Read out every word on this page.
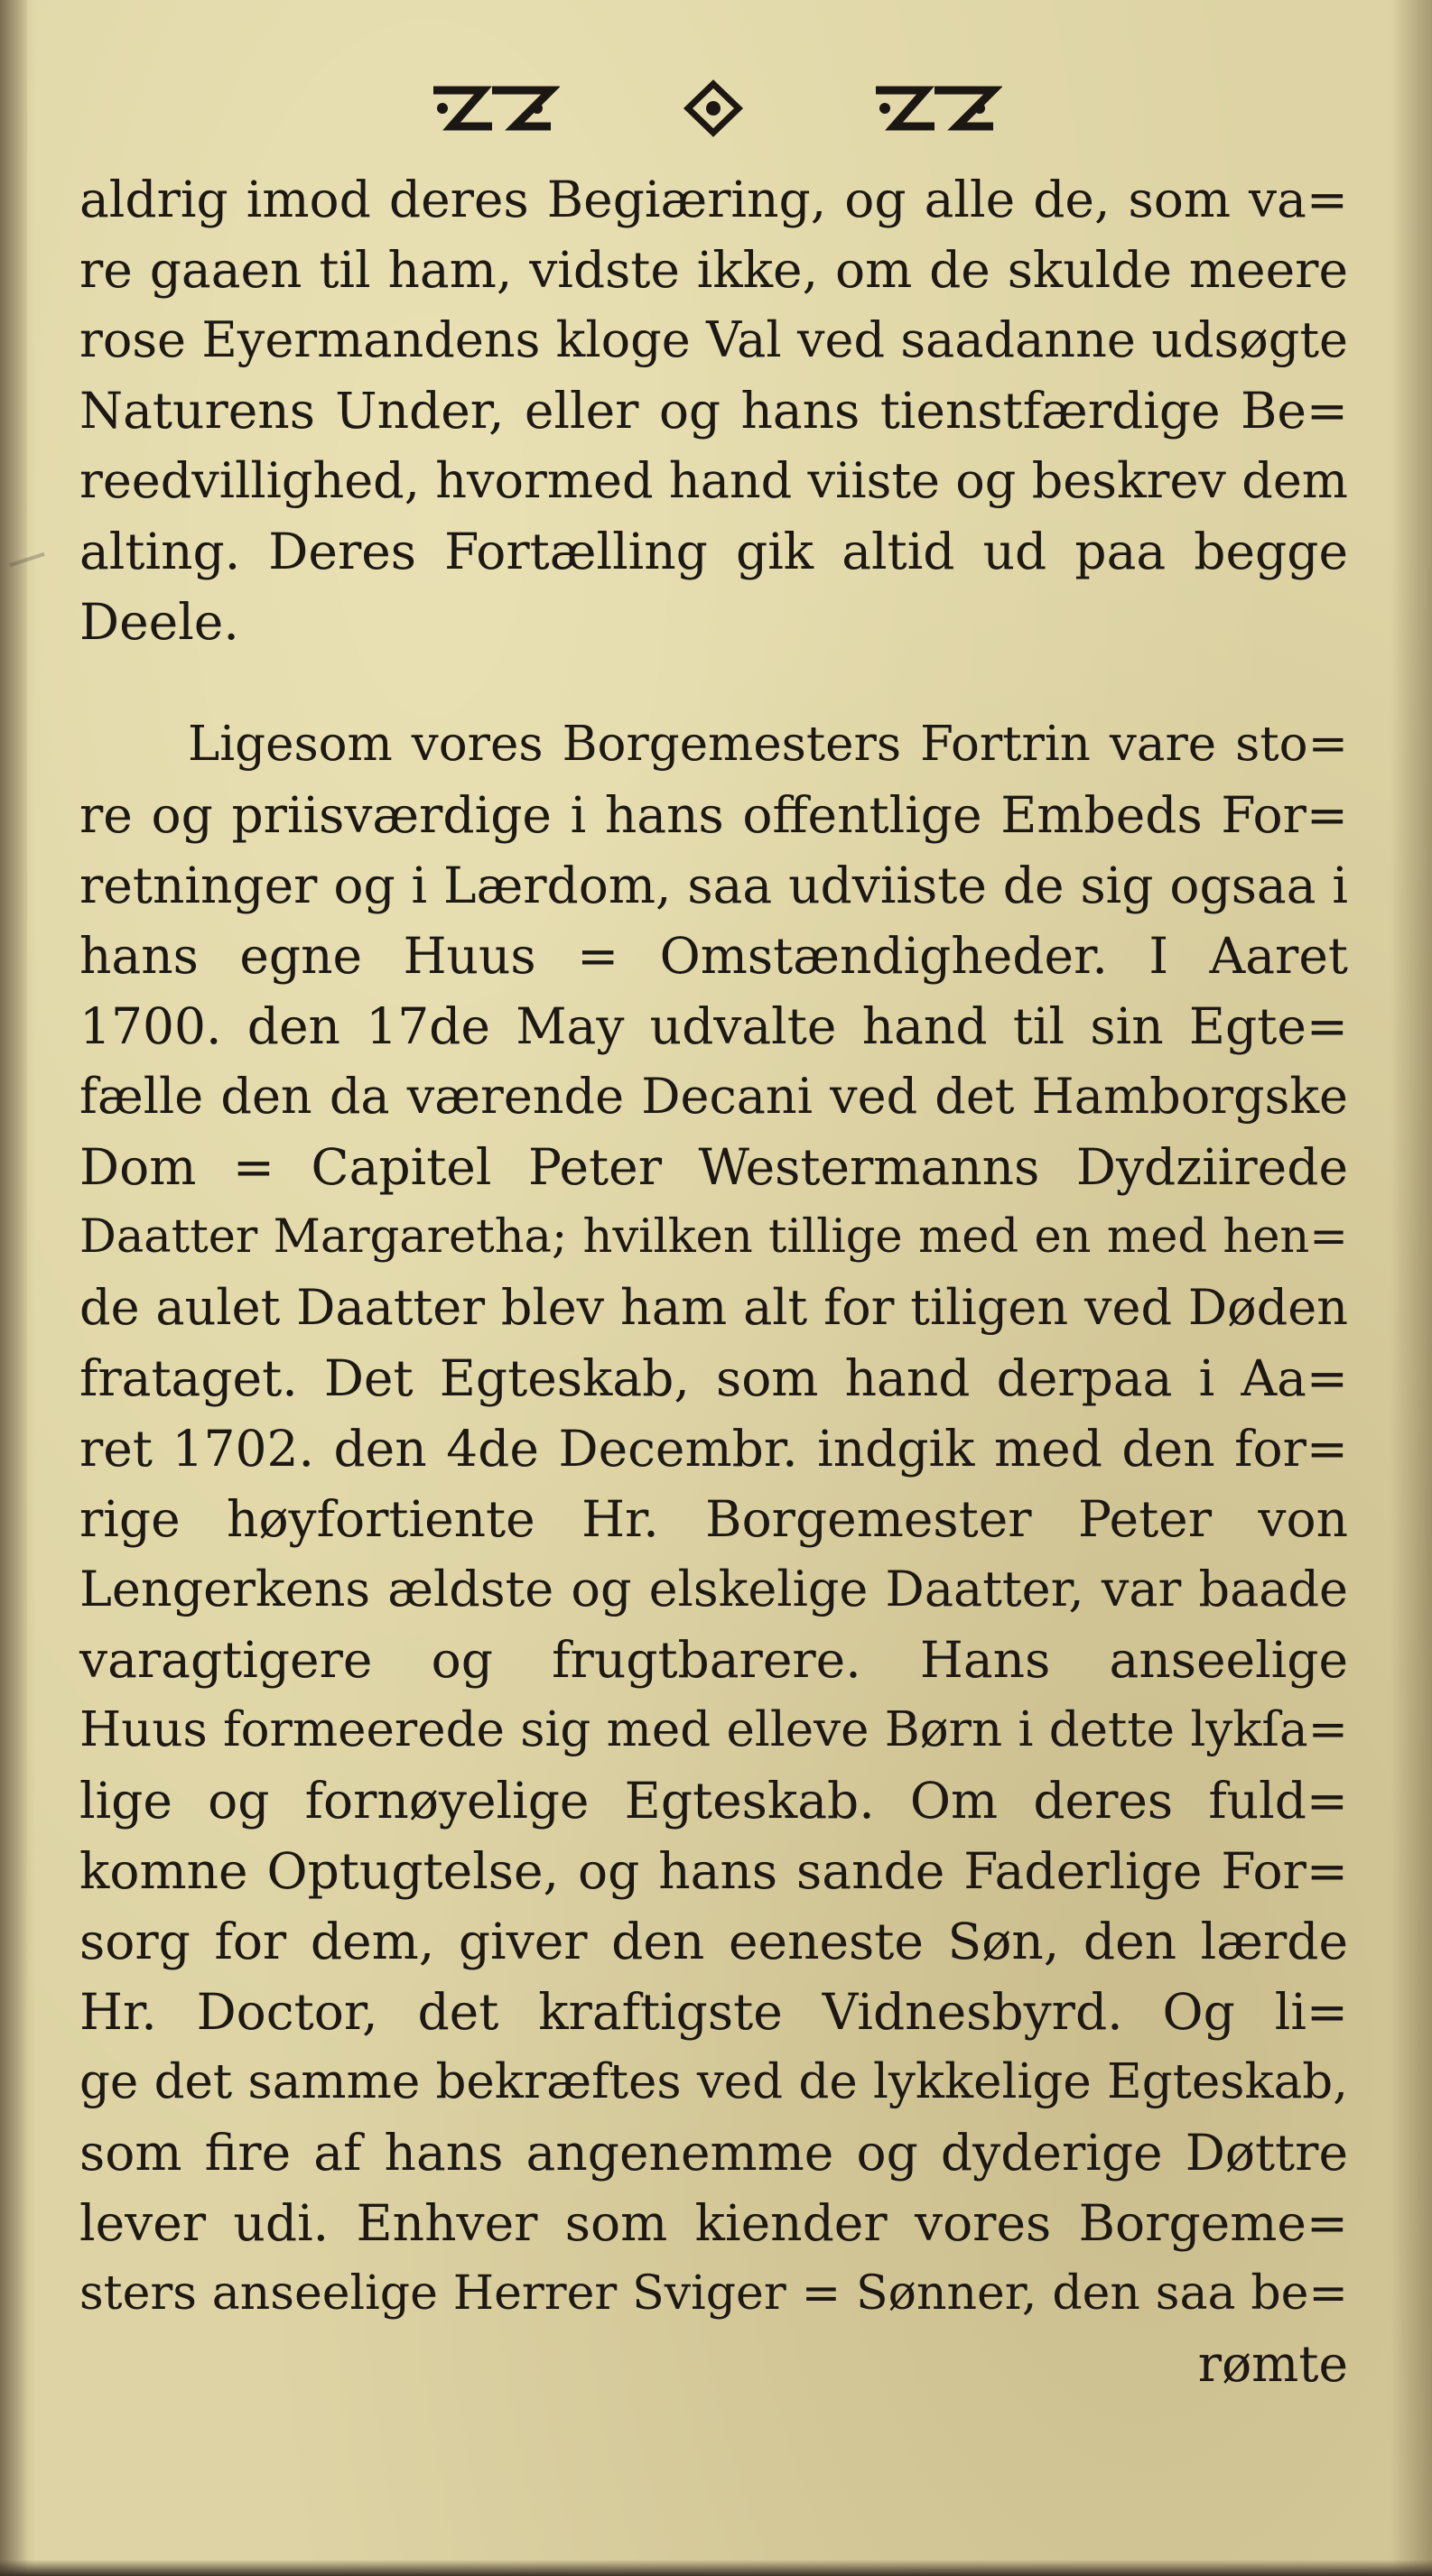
aldrig imod deres Begiæring, og alle de, som va=
re gaaen til ham, vidste ikke, om de skulde meere
rose Eyermandens kloge Val ved saadanne udsøgte
Naturens Under, eller og hans tienstfærdige Be=
reedvillighed, hvormed hand viiste og beskrev dem
alting. Deres Fortælling gik altid ud paa begge
Deele.
Ligesom vores Borgemesters Fortrin vare sto=
re og priisværdige i hans offentlige Embeds For=
retninger og i Lærdom, saa udviiste de sig ogsaa i
hans egne Huus = Omstændigheder. I Aaret
1700. den 17de May udvalte hand til sin Egte=
fælle den da værende Decani ved det Hamborgske
Dom = Capitel Peter Westermanns Dydziirede
Daatter Margaretha; hvilken tillige med en med hen=
de aulet Daatter blev ham alt for tiligen ved Døden
frataget. Det Egteskab, som hand derpaa i Aa=
ret 1702. den 4de Decembr. indgik med den for=
rige høyfortiente Hr. Borgemester Peter von
Lengerkens ældste og elskelige Daatter, var baade
varagtigere og frugtbarere. Hans anseelige
Huus formeerede sig med elleve Børn i dette lykſa=
lige og fornøyelige Egteskab. Om deres fuld=
komne Optugtelse, og hans sande Faderlige For=
sorg for dem, giver den eeneste Søn, den lærde
Hr. Doctor, det kraftigste Vidnesbyrd. Og li=
ge det samme bekræftes ved de lykkelige Egteskab,
som fire af hans angenemme og dyderige Døttre
lever udi. Enhver som kiender vores Borgeme=
sters anseelige Herrer Sviger = Sønner, den saa be=
rømte
